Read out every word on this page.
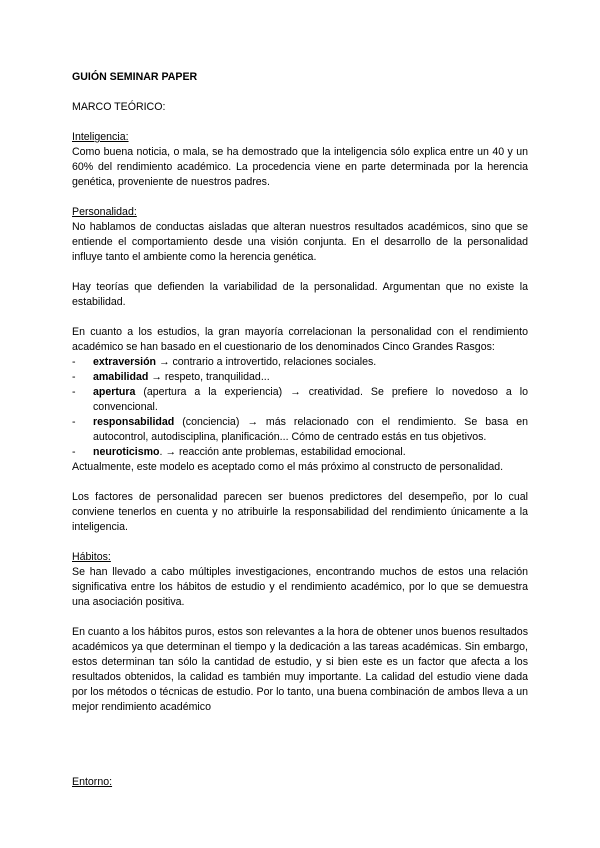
GUIÓN SEMINAR PAPER

MARCO TEÓRICO:

Inteligencia:

Como buena noticia, o mala, se ha demostrado que la inteligencia sólo explica entre un 40 y un 60% del rendimiento académico. La procedencia viene en parte determinada por la herencia genética, proveniente de nuestros padres.

Personalidad:

No hablamos de conductas aisladas que alteran nuestros resultados académicos, sino que se entiende el comportamiento desde una visión conjunta. En el desarrollo de la personalidad influye tanto el ambiente como la herencia genética.

Hay teorías que defienden la variabilidad de la personalidad. Argumentan que no existe la estabilidad.

En cuanto a los estudios, la gran mayoría correlacionan la personalidad con el rendimiento académico se han basado en el cuestionario de los denominados Cinco Grandes Rasgos:

- extraversión → contrario a introvertido, relaciones sociales.
- amabilidad → respeto, tranquilidad...
- apertura (apertura a la experiencia) → creatividad. Se prefiere lo novedoso a lo convencional.
- responsabilidad (conciencia) → más relacionado con el rendimiento. Se basa en autocontrol, autodisciplina, planificación... Cómo de centrado estás en tus objetivos.
- neuroticismo. → reacción ante problemas, estabilidad emocional.

Actualmente, este modelo es aceptado como el más próximo al constructo de personalidad.

Los factores de personalidad parecen ser buenos predictores del desempeño, por lo cual conviene tenerlos en cuenta y no atribuirle la responsabilidad del rendimiento únicamente a la inteligencia.

Hábitos:

Se han llevado a cabo múltiples investigaciones, encontrando muchos de estos una relación significativa entre los hábitos de estudio y el rendimiento académico, por lo que se demuestra una asociación positiva.

En cuanto a los hábitos puros, estos son relevantes a la hora de obtener unos buenos resultados académicos ya que determinan el tiempo y la dedicación a las tareas académicas. Sin embargo, estos determinan tan sólo la cantidad de estudio, y si bien este es un factor que afecta a los resultados obtenidos, la calidad es también muy importante. La calidad del estudio viene dada por los métodos o técnicas de estudio. Por lo tanto, una buena combinación de ambos lleva a un mejor rendimiento académico

Entorno:
